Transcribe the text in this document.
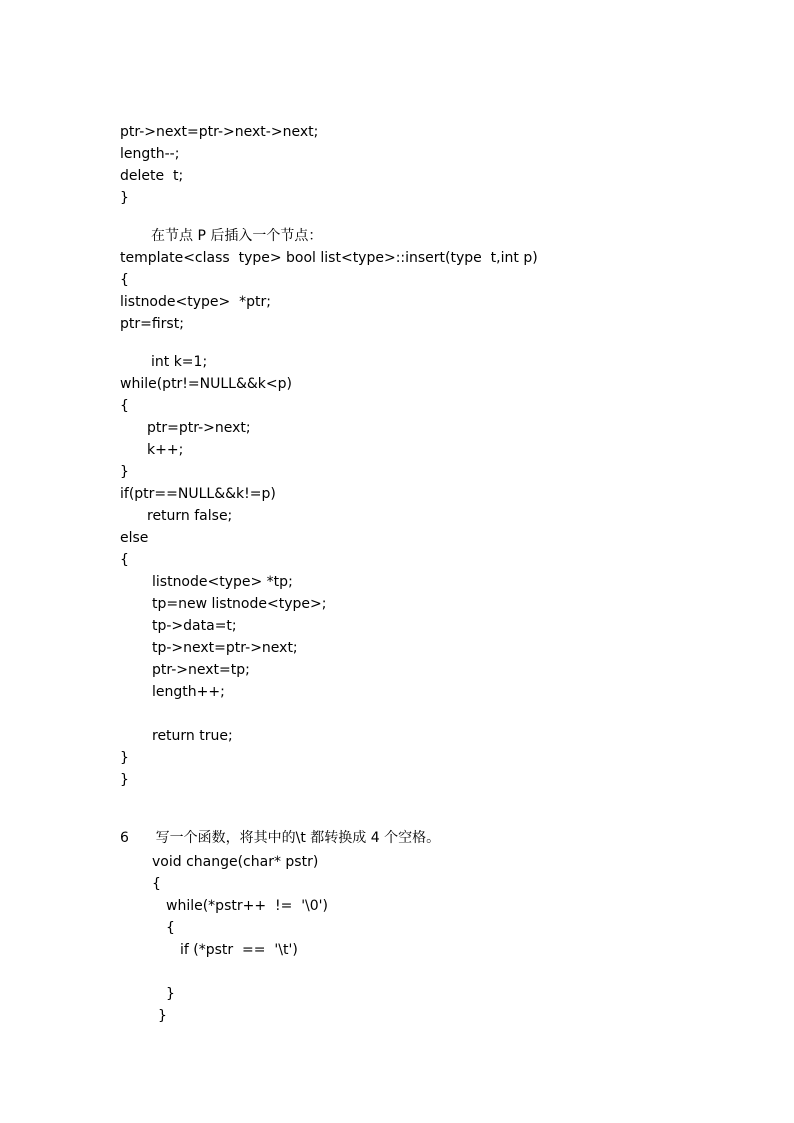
ptr->next=ptr->next->next;
length--;
delete  t;
}
在节点 P 后插入一个节点：
template<class  type> bool list<type>::insert(type  t,int p)
{
listnode<type>  *ptr;
ptr=first;
int k=1;
while(ptr!=NULL&&k<p)
{
ptr=ptr->next;
k++;
}
if(ptr==NULL&&k!=p)
return false;
else
{
listnode<type> *tp;
tp=new listnode<type>;
tp->data=t;
tp->next=ptr->next;
ptr->next=tp;
length++;
return true;
}
}
6      写一个函数，将其中的\t 都转换成 4 个空格。
void change(char* pstr)
{
while(*pstr++  !=  '\0')
{
if (*pstr  ==  '\t')
}
}
